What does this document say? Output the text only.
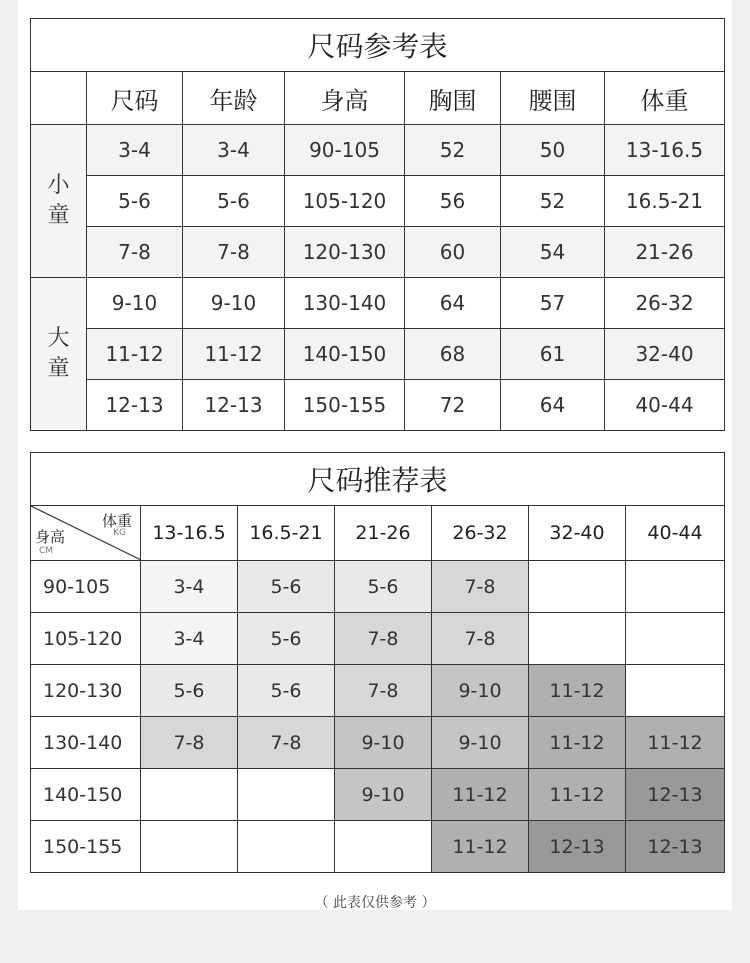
尺码参考表						
	尺码	年龄	身高	胸围	腰围	体重
小
童	3-4	3-4	90-105	52	50	13-16.5
	5-6	5-6	105-120	56	52	16.5-21
	7-8	7-8	120-130	60	54	21-26
大
童	9-10	9-10	130-140	64	57	26-32
	11-12	11-12	140-150	68	61	32-40
	12-13	12-13	150-155	72	64	40-44
尺码推荐表						

体重
KG
身高
CM	13-16.5	16.5-21	21-26	26-32	32-40	40-44
90-105	3-4	5-6	5-6	7-8		
105-120	3-4	5-6	7-8	7-8		
120-130	5-6	5-6	7-8	9-10	11-12	
130-140	7-8	7-8	9-10	9-10	11-12	11-12
140-150			9-10	11-12	11-12	12-13
150-155				11-12	12-13	12-13
（ 此表仅供参考 ）
